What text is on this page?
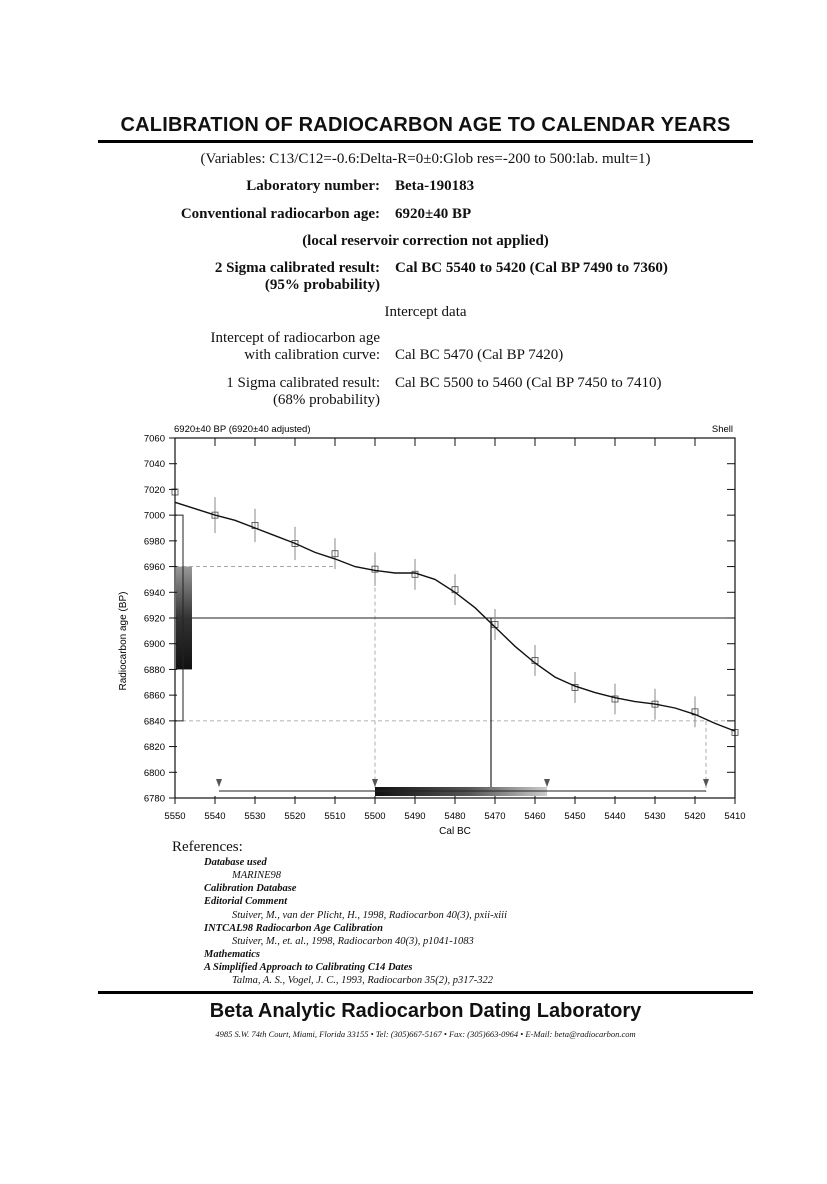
CALIBRATION OF RADIOCARBON AGE TO CALENDAR YEARS
(Variables: C13/C12=-0.6:Delta-R=0±0:Glob res=-200 to 500:lab. mult=1)
Laboratory number: Beta-190183
Conventional radiocarbon age: 6920±40 BP
(local reservoir correction not applied)
2 Sigma calibrated result:
(95% probability)
Cal BC 5540 to 5420 (Cal BP 7490 to 7360)
Intercept data
Intercept of radiocarbon age
with calibration curve: Cal BC 5470 (Cal BP 7420)
1 Sigma calibrated result:
(68% probability)
Cal BC 5500 to 5460 (Cal BP 7450 to 7410)
6920±40 BP (6920±40 adjusted)	Shell
Radiocarbon age (BP)
Cal BC
6780
6800
6820
6840
6860
6880
6900
6920
6940
6960
6980
7000
7020
7040
7060
5550 5540 5530 5520 5510 5500 5490 5480 5470 5460 5450 5440 5430 5420 5410
References:
Database used
MARINE98
Calibration Database
Editorial Comment
Stuiver, M., van der Plicht, H., 1998, Radiocarbon 40(3), pxii-xiii
INTCAL98 Radiocarbon Age Calibration
Stuiver, M., et. al., 1998, Radiocarbon 40(3), p1041-1083
Mathematics
A Simplified Approach to Calibrating C14 Dates
Talma, A. S., Vogel, J. C., 1993, Radiocarbon 35(2), p317-322
Beta Analytic Radiocarbon Dating Laboratory
4985 S.W. 74th Court, Miami, Florida 33155 • Tel: (305)667-5167 • Fax: (305)663-0964 • E-Mail: beta@radiocarbon.com
